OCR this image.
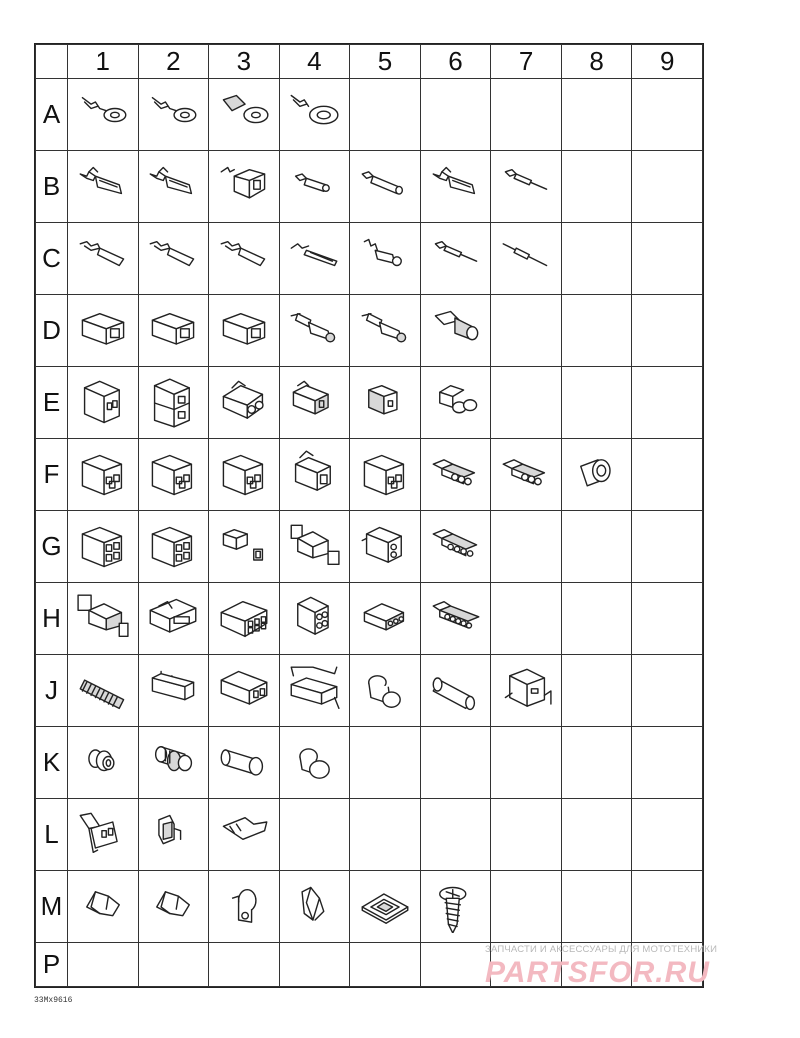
	1	2	3	4	5	6	7	8	9
A	

B	

C	

D	

E	

F	

G	

H	

J	

K	

L	

M	

P									
33Mx9616
ЗАПЧАСТИ И АКСЕССУАРЫ ДЛЯ МОТОТЕХНИКИ
PARTSFOR.RU
